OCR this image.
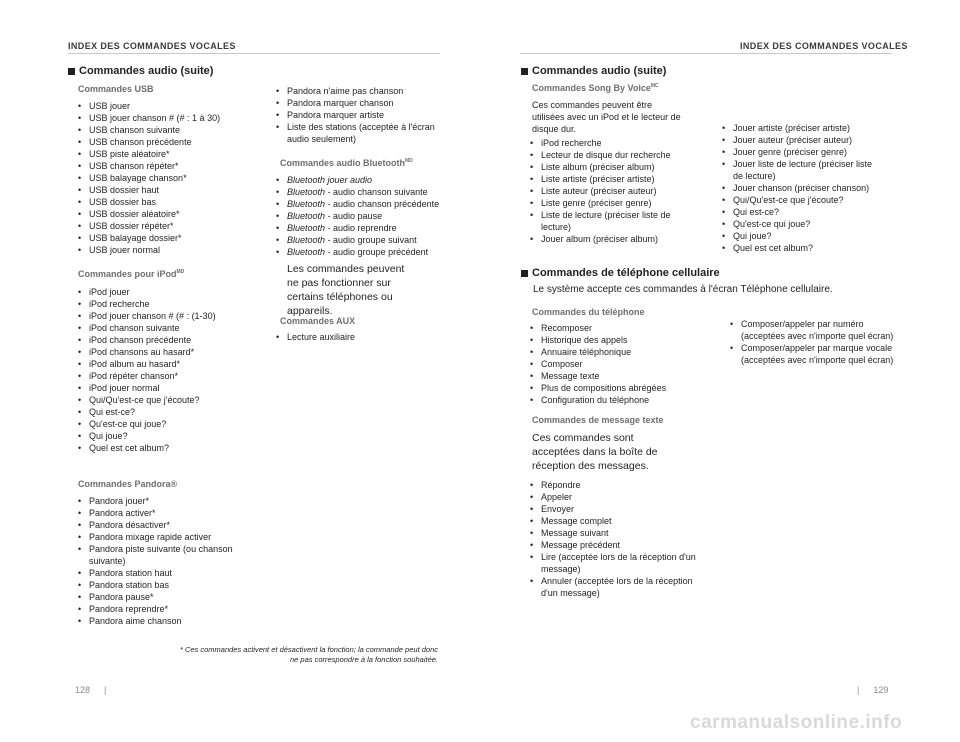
INDEX DES COMMANDES VOCALES
Commandes audio (suite)
Commandes USB
• USB jouer
• USB jouer chanson # (# : 1 à 30)
• USB chanson suivante
• USB chanson précédente
• USB piste aléatoire*
• USB chanson répéter*
• USB balayage chanson*
• USB dossier haut
• USB dossier bas
• USB dossier aléatoire*
• USB dossier répéter*
• USB balayage dossier*
• USB jouer normal
Commandes pour iPod$^{MD}$
• iPod jouer
• iPod recherche
• iPod jouer chanson # (# : (1-30)
• iPod chanson suivante
• iPod chanson précédente
• iPod chansons au hasard*
• iPod album au hasard*
• iPod répéter chanson*
• iPod jouer normal
• Qui/Qu'est-ce que j'écoute?
• Qui est-ce?
• Qu'est-ce qui joue?
• Qui joue?
• Quel est cet album?
Commandes Pandora®
• Pandora jouer*
• Pandora activer*
• Pandora désactiver*
• Pandora mixage rapide activer
• Pandora piste suivante (ou chanson suivante)
• Pandora station haut
• Pandora station bas
• Pandora pause*
• Pandora reprendre*
• Pandora aime chanson
• Pandora n'aime pas chanson
• Pandora marquer chanson
• Pandora marquer artiste
• Liste des stations (acceptée à l'écran audio seulement)
Commandes audio Bluetooth$^{MD}$
• Bluetooth jouer audio
• Bluetooth - audio chanson suivante
• Bluetooth - audio chanson précédente
• Bluetooth - audio pause
• Bluetooth - audio reprendre
• Bluetooth - audio groupe suivant
• Bluetooth - audio groupe précédent
Les commandes peuvent ne pas fonctionner sur certains téléphones ou appareils.
Commandes AUX
• Lecture auxiliaire
* Ces commandes activent et désactivent la fonction; la commande peut donc ne pas correspondre à la fonction souhaitée.
128 |
INDEX DES COMMANDES VOCALES
Commandes audio (suite)
Commandes Song By Voice$^{MC}$
Ces commandes peuvent être utilisées avec un iPod et le lecteur de disque dur.
• iPod recherche
• Lecteur de disque dur recherche
• Liste album (préciser album)
• Liste artiste (préciser artiste)
• Liste auteur (préciser auteur)
• Liste genre (préciser genre)
• Liste de lecture (préciser liste de lecture)
• Jouer album (préciser album)
• Jouer artiste (préciser artiste)
• Jouer auteur (préciser auteur)
• Jouer genre (préciser genre)
• Jouer liste de lecture (préciser liste de lecture)
• Jouer chanson (préciser chanson)
• Qui/Qu'est-ce que j'écoute?
• Qui est-ce?
• Qu'est-ce qui joue?
• Qui joue?
• Quel est cet album?
Commandes de téléphone cellulaire
Le système accepte ces commandes à l'écran Téléphone cellulaire.
Commandes du téléphone
• Recomposer
• Historique des appels
• Annuaire téléphonique
• Composer
• Message texte
• Plus de compositions abrégées
• Configuration du téléphone
• Composer/appeler par numéro (acceptées avec n'importe quel écran)
• Composer/appeler par marque vocale (acceptées avec n'importe quel écran)
Commandes de message texte
Ces commandes sont acceptées dans la boîte de réception des messages.
• Répondre
• Appeler
• Envoyer
• Message complet
• Message suivant
• Message précédent
• Lire (acceptée lors de la réception d'un message)
• Annuler (acceptée lors de la réception d'un message)
| 129
carmanualsonline.info
